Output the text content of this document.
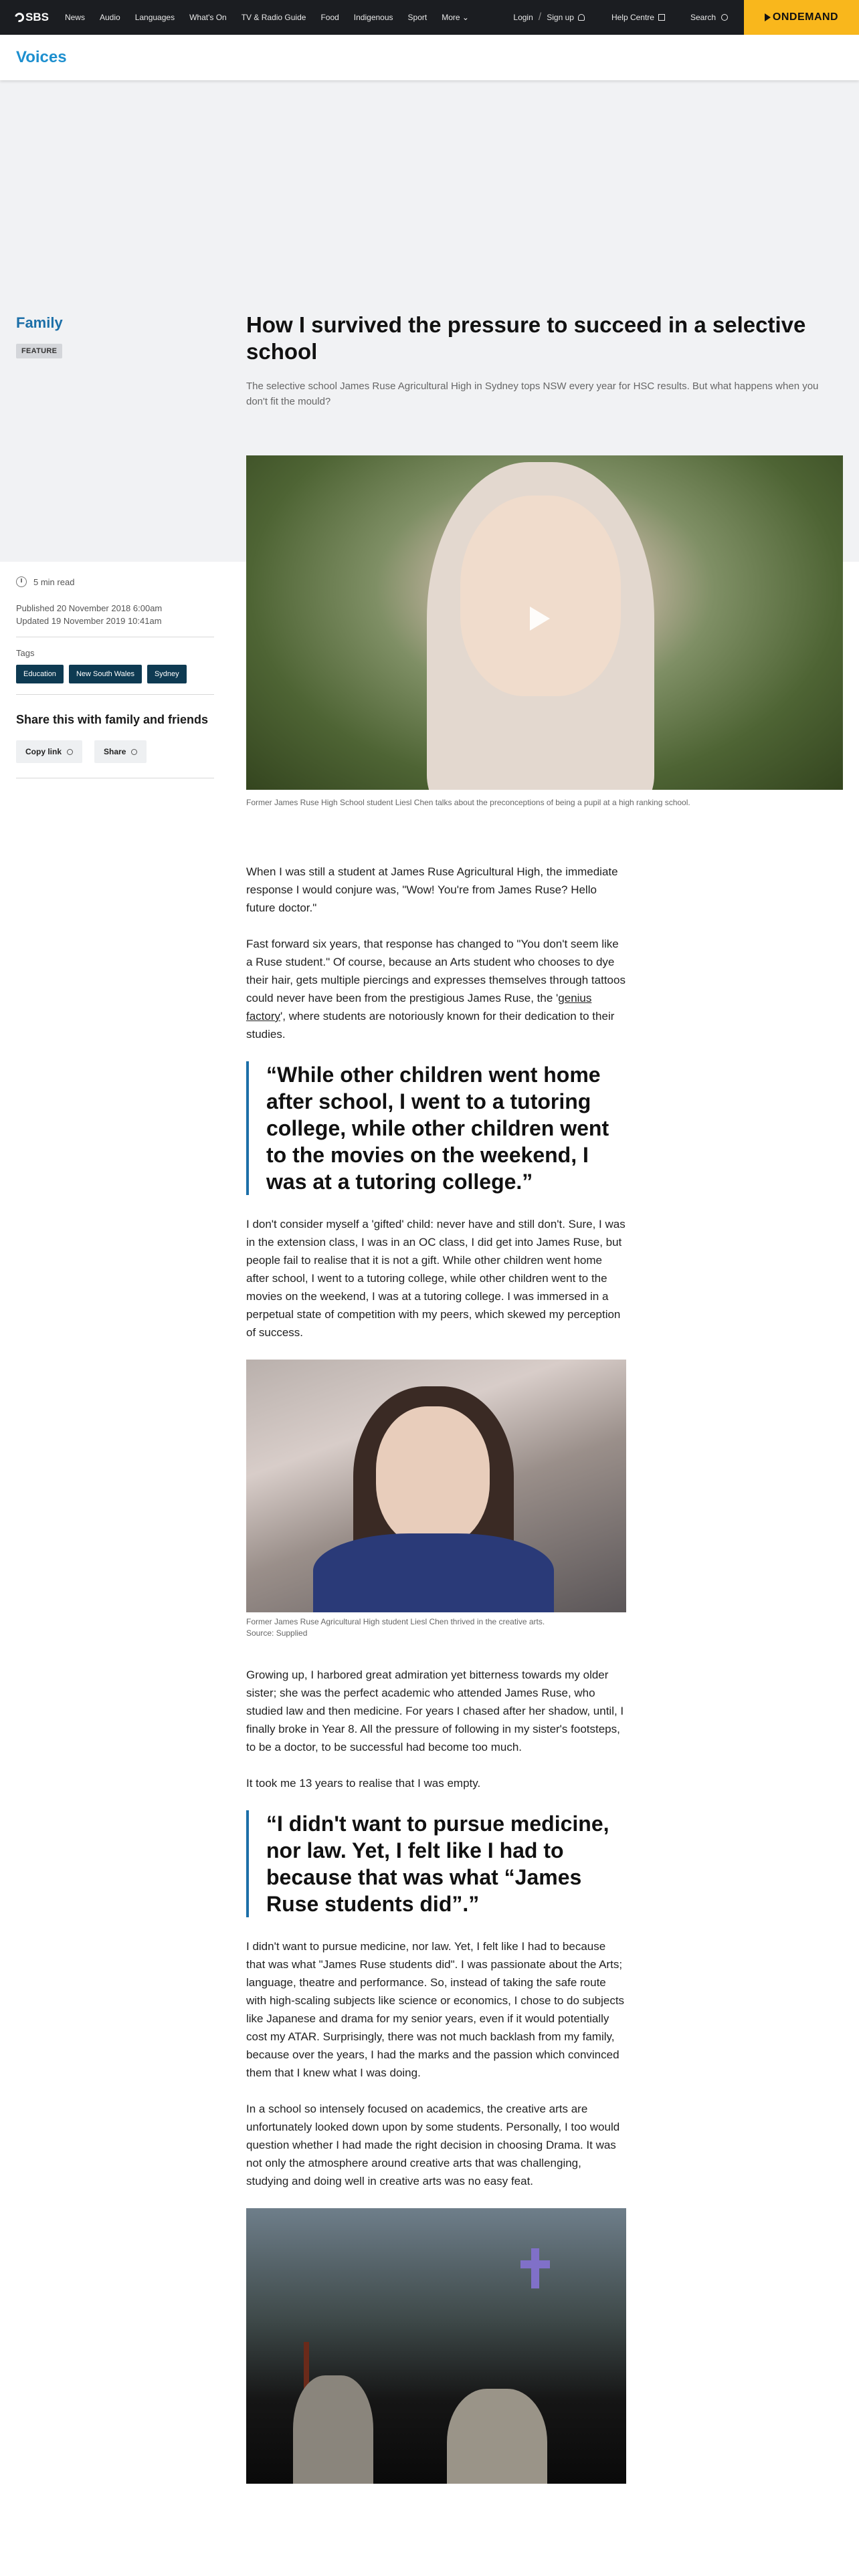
SBS News Audio Languages What's On TV & Radio Guide Food Indigenous Sport More ⌄	Login / Sign up	Help Centre	Search	ONDEMAND
Voices
Family
FEATURE
5 min read
Published 20 November 2018 6:00am
Updated 19 November 2019 10:41am
Tags
Education	New South Wales	Sydney
Share this with family and friends
Copy link	Share
How I survived the pressure to succeed in a selective school

The selective school James Ruse Agricultural High in Sydney tops NSW every year for HSC results. But what happens when you don't fit the mould?

Former James Ruse High School student Liesl Chen talks about the preconceptions of being a pupil at a high ranking school.

When I was still a student at James Ruse Agricultural High, the immediate response I would conjure was, "Wow! You're from James Ruse? Hello future doctor."

Fast forward six years, that response has changed to "You don't seem like a Ruse student." Of course, because an Arts student who chooses to dye their hair, gets multiple piercings and expresses themselves through tattoos could never have been from the prestigious James Ruse, the 'genius factory', where students are notoriously known for their dedication to their studies.

“While other children went home after school, I went to a tutoring college, while other children went to the movies on the weekend, I was at a tutoring college.”

I don't consider myself a 'gifted' child: never have and still don't. Sure, I was in the extension class, I was in an OC class, I did get into James Ruse, but people fail to realise that it is not a gift. While other children went home after school, I went to a tutoring college, while other children went to the movies on the weekend, I was at a tutoring college. I was immersed in a perpetual state of competition with my peers, which skewed my perception of success.

Former James Ruse Agricultural High student Liesl Chen thrived in the creative arts.
Source: Supplied

Growing up, I harbored great admiration yet bitterness towards my older sister; she was the perfect academic who attended James Ruse, who studied law and then medicine. For years I chased after her shadow, until, I finally broke in Year 8. All the pressure of following in my sister's footsteps, to be a doctor, to be successful had become too much.

It took me 13 years to realise that I was empty.

“I didn't want to pursue medicine, nor law. Yet, I felt like I had to because that was what “James Ruse students did”.”

I didn't want to pursue medicine, nor law. Yet, I felt like I had to because that was what "James Ruse students did". I was passionate about the Arts; language, theatre and performance. So, instead of taking the safe route with high-scaling subjects like science or economics, I chose to do subjects like Japanese and drama for my senior years, even if it would potentially cost my ATAR. Surprisingly, there was not much backlash from my family, because over the years, I had the marks and the passion which convinced them that I knew what I was doing.

In a school so intensely focused on academics, the creative arts are unfortunately looked down upon by some students. Personally, I too would question whether I had made the right decision in choosing Drama. It was not only the atmosphere around creative arts that was challenging, studying and doing well in creative arts was no easy feat.
